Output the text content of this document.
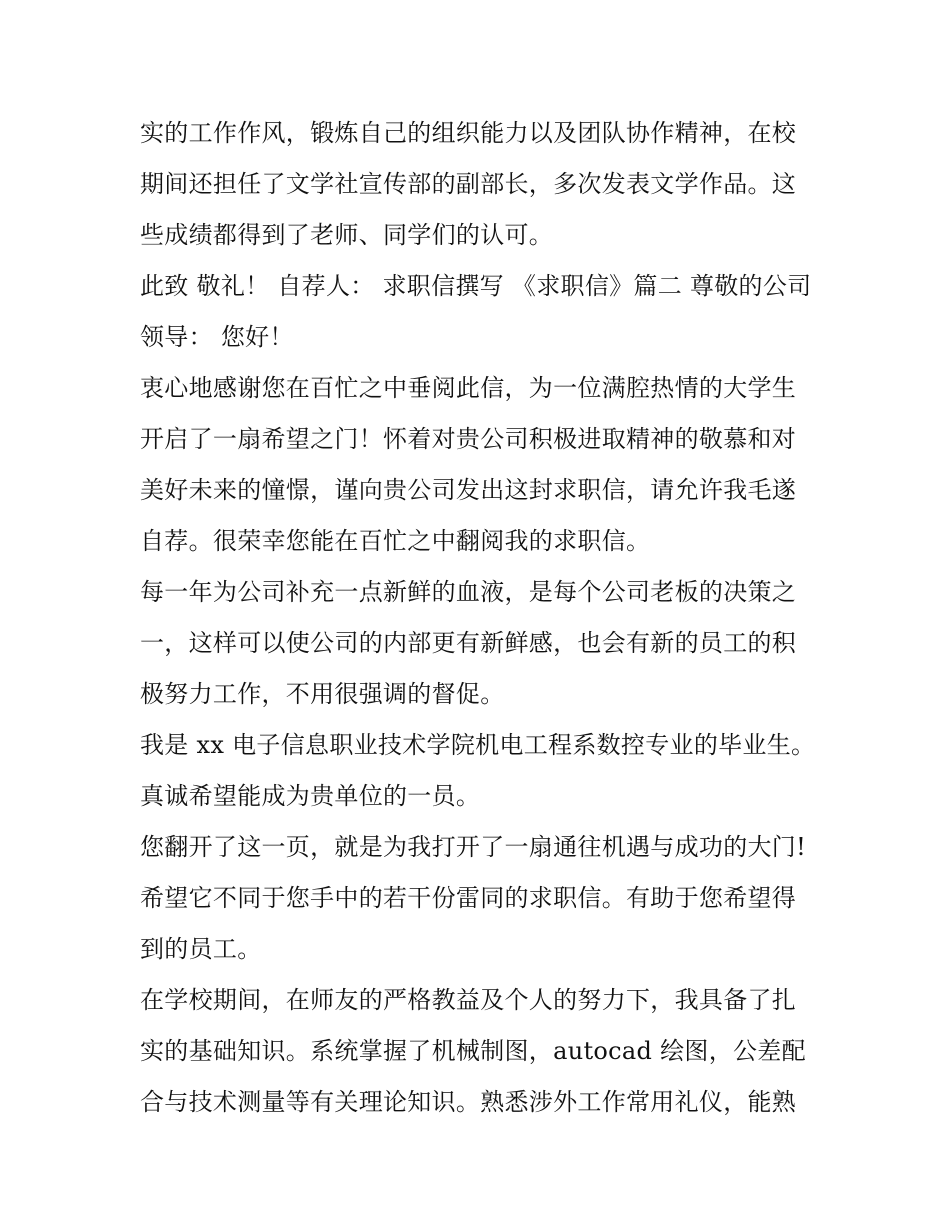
实的工作作风，锻炼自己的组织能力以及团队协作精神，在校期间还担任了文学社宣传部的副部长，多次发表文学作品。这些成绩都得到了老师、同学们的认可。

此致 敬礼！ 自荐人： 求职信撰写 《求职信》篇二 尊敬的公司领导： 您好！

衷心地感谢您在百忙之中垂阅此信，为一位满腔热情的大学生开启了一扇希望之门！怀着对贵公司积极进取精神的敬慕和对美好未来的憧憬，谨向贵公司发出这封求职信，请允许我毛遂自荐。很荣幸您能在百忙之中翻阅我的求职信。

每一年为公司补充一点新鲜的血液，是每个公司老板的决策之一，这样可以使公司的内部更有新鲜感，也会有新的员工的积极努力工作，不用很强调的督促。

我是 xx 电子信息职业技术学院机电工程系数控专业的毕业生。真诚希望能成为贵单位的一员。

您翻开了这一页，就是为我打开了一扇通往机遇与成功的大门!希望它不同于您手中的若干份雷同的求职信。有助于您希望得到的员工。

在学校期间，在师友的严格教益及个人的努力下，我具备了扎实的基础知识。系统掌握了机械制图，autocad 绘图，公差配合与技术测量等有关理论知识。熟悉涉外工作常用礼仪，能熟
